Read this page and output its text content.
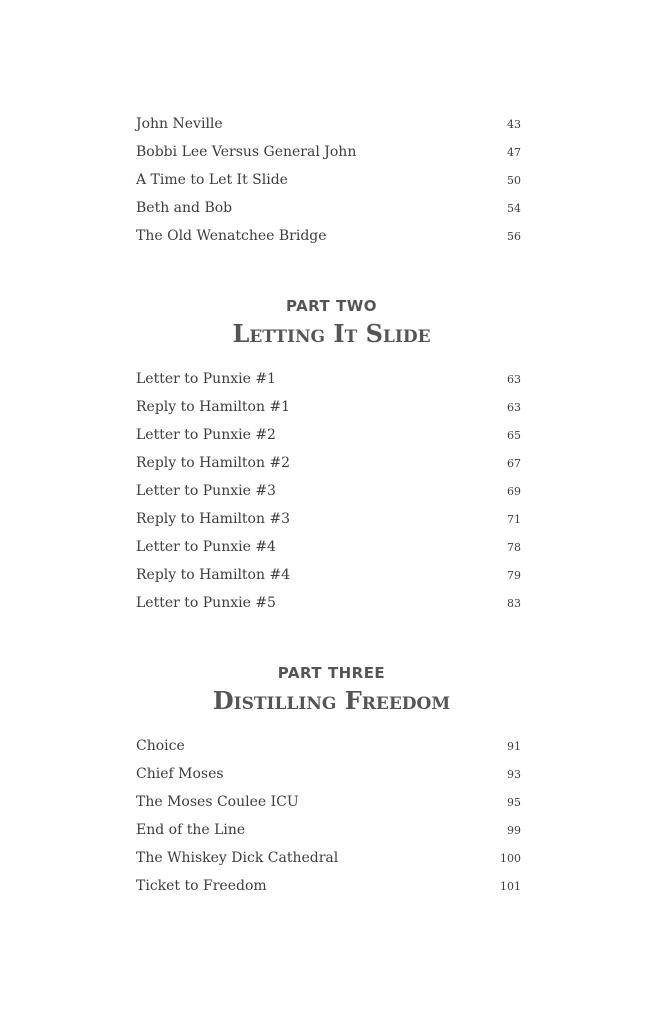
John Neville	43
Bobbi Lee Versus General John	47
A Time to Let It Slide	50
Beth and Bob	54
The Old Wenatchee Bridge	56
PART TWO
Letting It Slide
Letter to Punxie #1	63
Reply to Hamilton #1	63
Letter to Punxie #2	65
Reply to Hamilton #2	67
Letter to Punxie #3	69
Reply to Hamilton #3	71
Letter to Punxie #4	78
Reply to Hamilton #4	79
Letter to Punxie #5	83
PART THREE
Distilling Freedom
Choice	91
Chief Moses	93
The Moses Coulee ICU	95
End of the Line	99
The Whiskey Dick Cathedral	100
Ticket to Freedom	101
